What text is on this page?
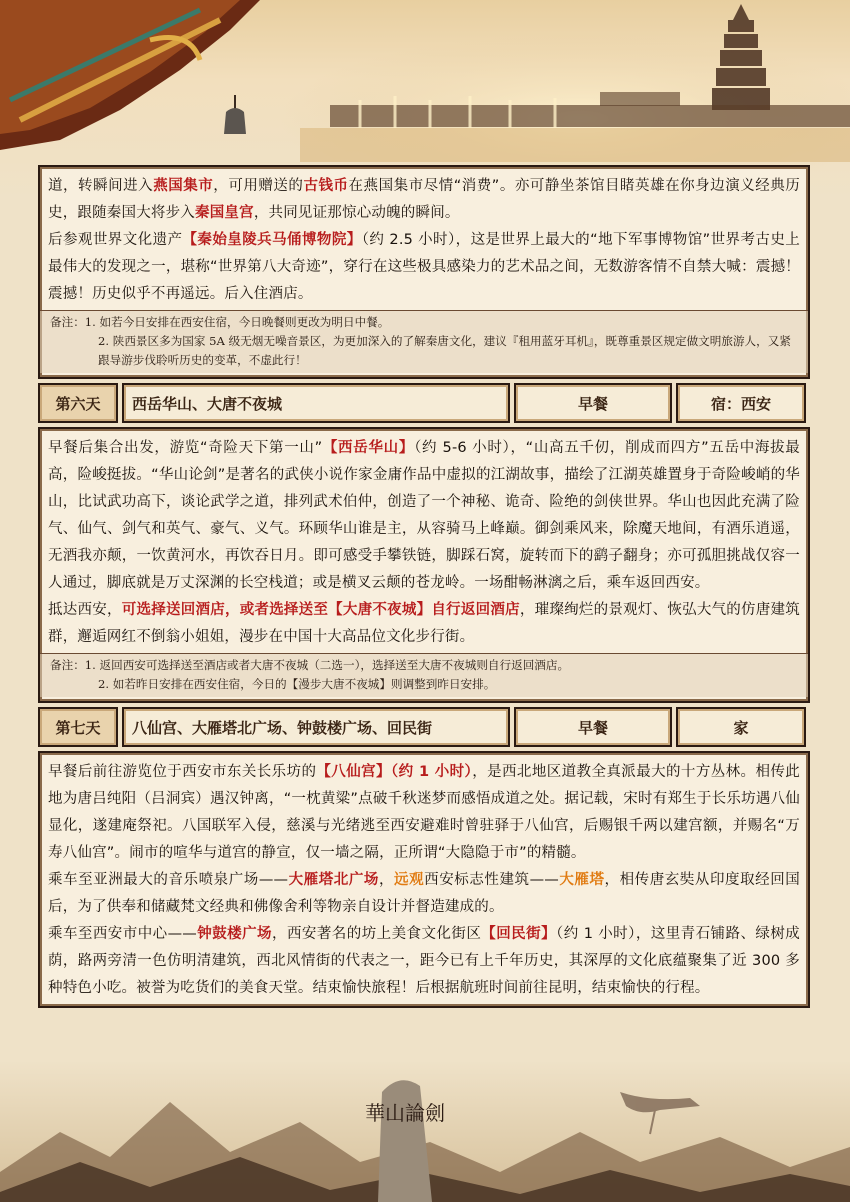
華山論劍

道，转瞬间进入燕国集市，可用赠送的古钱币在燕国集市尽情“消费”。亦可静坐茶馆目睹英雄在你身边演义经典历史，跟随秦国大将步入秦国皇宫，共同见证那惊心动魄的瞬间。

后参观世界文化遗产【秦始皇陵兵马俑博物院】（约 2.5 小时），这是世界上最大的“地下军事博物馆”世界考古史上最伟大的发现之一，堪称“世界第八大奇迹”，穿行在这些极具感染力的艺术品之间，无数游客情不自禁大喊：震撼！震撼！历史似乎不再遥远。后入住酒店。

备注：1. 如若今日安排在西安住宿，今日晚餐则更改为明日中餐。

2. 陕西景区多为国家 5A 级无烟无噪音景区，为更加深入的了解秦唐文化，建议『租用蓝牙耳机』，既尊重景区规定做文明旅游人，又紧跟导游步伐聆听历史的变革，不虚此行！

第六天	西岳华山、大唐不夜城	早餐	宿：西安

早餐后集合出发，游览“奇险天下第一山”【西岳华山】（约 5-6 小时），“山高五千仞，削成而四方”五岳中海拔最高，险峻挺拔。“华山论剑”是著名的武侠小说作家金庸作品中虚拟的江湖故事，描绘了江湖英雄置身于奇险峻峭的华山，比试武功高下，谈论武学之道，排列武术伯仲，创造了一个神秘、诡奇、险绝的剑侠世界。华山也因此充满了险气、仙气、剑气和英气、豪气、义气。环顾华山谁是主，从容骑马上峰巅。御剑乘风来，除魔天地间，有酒乐逍遥，无酒我亦颠，一饮黄河水，再饮吞日月。即可感受手攀铁链，脚踩石窝，旋转而下的鹞子翻身；亦可孤胆挑战仅容一人通过，脚底就是万丈深渊的长空栈道；或是横叉云颠的苍龙岭。一场酣畅淋漓之后，乘车返回西安。

抵达西安，可选择送回酒店，或者选择送至【大唐不夜城】自行返回酒店，璀璨绚烂的景观灯、恢弘大气的仿唐建筑群，邂逅网红不倒翁小姐姐，漫步在中国十大高品位文化步行街。

备注：1. 返回西安可选择送至酒店或者大唐不夜城（二选一），选择送至大唐不夜城则自行返回酒店。

2. 如若昨日安排在西安住宿，今日的【漫步大唐不夜城】则调整到昨日安排。

第七天	八仙宫、大雁塔北广场、钟鼓楼广场、回民街	早餐	家

早餐后前往游览位于西安市东关长乐坊的【八仙宫】（约 1 小时），是西北地区道教全真派最大的十方丛林。相传此地为唐吕纯阳（吕洞宾）遇汉钟离，“一枕黄粱”点破千秋迷梦而感悟成道之处。据记载，宋时有郑生于长乐坊遇八仙显化，遂建庵祭祀。八国联军入侵，慈溪与光绪逃至西安避难时曾驻驿于八仙宫，后赐银千两以建宫额，并赐名“万寿八仙宫”。闹市的喧华与道宫的静宣，仅一墙之隔，正所谓“大隐隐于市”的精髓。

乘车至亚洲最大的音乐喷泉广场——大雁塔北广场，远观西安标志性建筑——大雁塔，相传唐玄奘从印度取经回国后，为了供奉和储藏梵文经典和佛像舍利等物亲自设计并督造建成的。

乘车至西安市中心——钟鼓楼广场，西安著名的坊上美食文化街区【回民街】（约 1 小时），这里青石铺路、绿树成荫，路两旁清一色仿明清建筑，西北风情街的代表之一，距今已有上千年历史，其深厚的文化底蕴聚集了近 300 多种特色小吃。被誉为吃货们的美食天堂。结束愉快旅程！后根据航班时间前往昆明，结束愉快的行程。
